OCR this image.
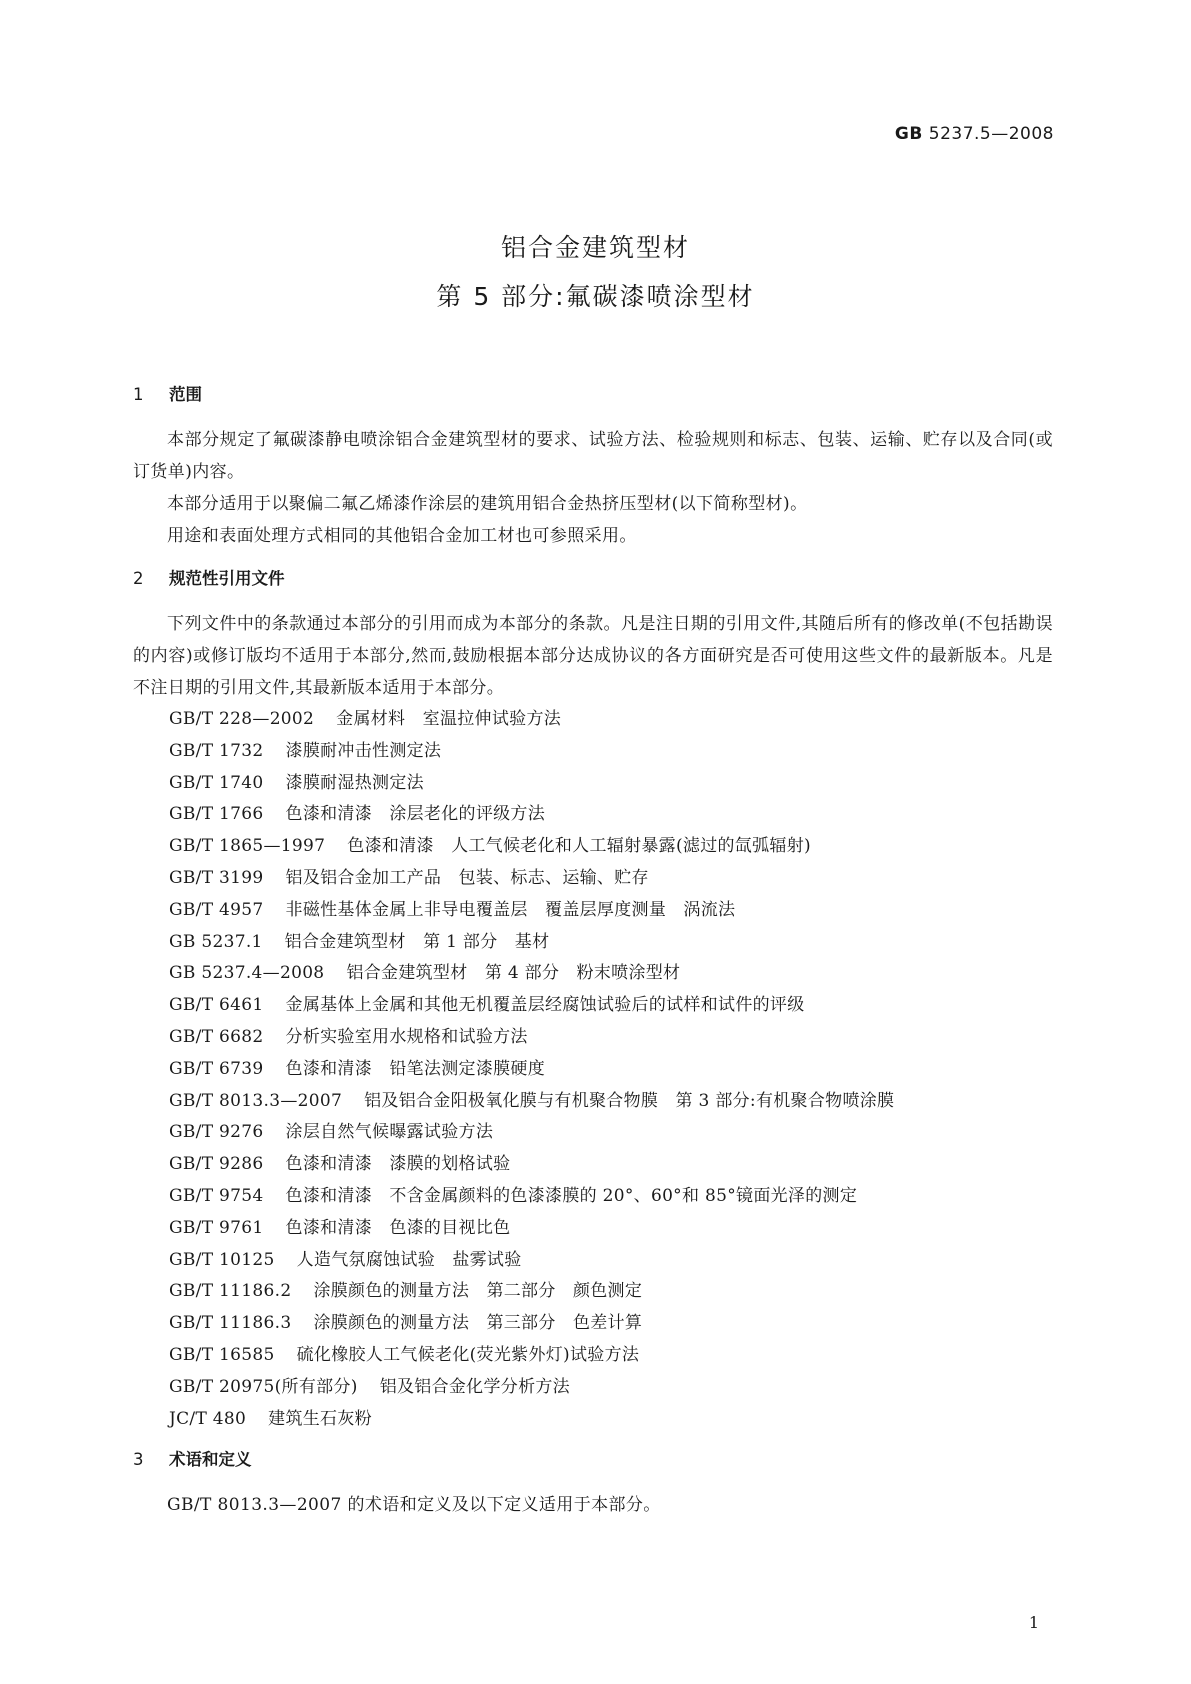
GB 5237.5—2008
铝合金建筑型材
第 5 部分:氟碳漆喷涂型材
1 范围
本部分规定了氟碳漆静电喷涂铝合金建筑型材的要求、试验方法、检验规则和标志、包装、运输、贮存以及合同(或订货单)内容。
本部分适用于以聚偏二氟乙烯漆作涂层的建筑用铝合金热挤压型材(以下简称型材)。
用途和表面处理方式相同的其他铝合金加工材也可参照采用。
2 规范性引用文件
下列文件中的条款通过本部分的引用而成为本部分的条款。凡是注日期的引用文件,其随后所有的修改单(不包括勘误的内容)或修订版均不适用于本部分,然而,鼓励根据本部分达成协议的各方面研究是否可使用这些文件的最新版本。凡是不注日期的引用文件,其最新版本适用于本部分。
GB/T 228—2002 金属材料　室温拉伸试验方法
GB/T 1732 漆膜耐冲击性测定法
GB/T 1740 漆膜耐湿热测定法
GB/T 1766 色漆和清漆　涂层老化的评级方法
GB/T 1865—1997 色漆和清漆　人工气候老化和人工辐射暴露(滤过的氙弧辐射)
GB/T 3199 铝及铝合金加工产品　包装、标志、运输、贮存
GB/T 4957 非磁性基体金属上非导电覆盖层　覆盖层厚度测量　涡流法
GB 5237.1 铝合金建筑型材　第 1 部分　基材
GB 5237.4—2008 铝合金建筑型材　第 4 部分　粉末喷涂型材
GB/T 6461 金属基体上金属和其他无机覆盖层经腐蚀试验后的试样和试件的评级
GB/T 6682 分析实验室用水规格和试验方法
GB/T 6739 色漆和清漆　铅笔法测定漆膜硬度
GB/T 8013.3—2007 铝及铝合金阳极氧化膜与有机聚合物膜　第 3 部分:有机聚合物喷涂膜
GB/T 9276 涂层自然气候曝露试验方法
GB/T 9286 色漆和清漆　漆膜的划格试验
GB/T 9754 色漆和清漆　不含金属颜料的色漆漆膜的 20°、60°和 85°镜面光泽的测定
GB/T 9761 色漆和清漆　色漆的目视比色
GB/T 10125 人造气氛腐蚀试验　盐雾试验
GB/T 11186.2 涂膜颜色的测量方法　第二部分　颜色测定
GB/T 11186.3 涂膜颜色的测量方法　第三部分　色差计算
GB/T 16585 硫化橡胶人工气候老化(荧光紫外灯)试验方法
GB/T 20975(所有部分) 铝及铝合金化学分析方法
JC/T 480 建筑生石灰粉
3 术语和定义
GB/T 8013.3—2007 的术语和定义及以下定义适用于本部分。
1
